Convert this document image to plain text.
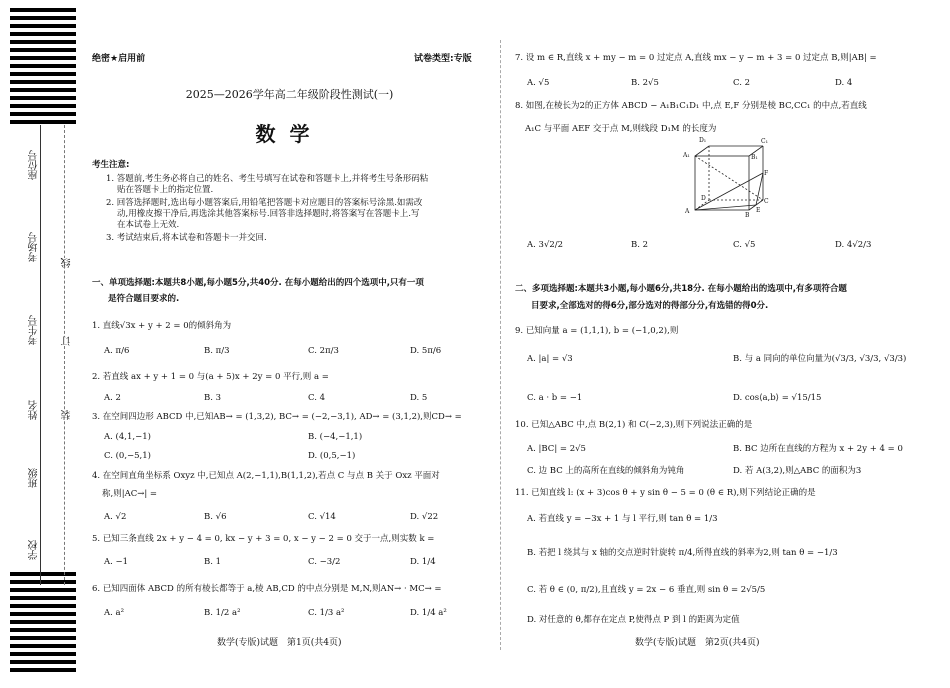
座位号
考场号
考生号
姓名
班级
学校
线
订
装
绝密★启用前	试卷类型:专版
2025—2026学年高二年级阶段性测试(一)
数学
考生注意:
1. 答题前,考生务必将自己的姓名、考生号填写在试卷和答题卡上,并将考生号条形码粘
贴在答题卡上的指定位置.
2. 回答选择题时,选出每小题答案后,用铅笔把答题卡对应题目的答案标号涂黑.如需改
动,用橡皮擦干净后,再选涂其他答案标号.回答非选择题时,将答案写在答题卡上.写
在本试卷上无效.
3. 考试结束后,将本试卷和答题卡一并交回.
一、单项选择题:本题共8小题,每小题5分,共40分. 在每小题给出的四个选项中,只有一项
是符合题目要求的.
1. 直线√3x + y + 2 = 0的倾斜角为
A. π/6	B. π/3	C. 2π/3	D. 5π/6
2. 若直线 ax + y + 1 = 0 与(a + 5)x + 2y = 0 平行,则 a =
A. 2	B. 3	C. 4	D. 5
3. 在空间四边形 ABCD 中,已知AB→ = (1,3,2), BC→ = (−2,−3,1), AD→ = (3,1,2),则CD→ =
A. (4,1,−1)	B. (−4,−1,1)
C. (0,−5,1)	D. (0,5,−1)
4. 在空间直角坐标系 Oxyz 中,已知点 A(2,−1,1),B(1,1,2),若点 C 与点 B 关于 Oxz 平面对
称,则|AC→| =
A. √2	B. √6	C. √14	D. √22
5. 已知三条直线 2x + y − 4 = 0, kx − y + 3 = 0, x − y − 2 = 0 交于一点,则实数 k =
A. −1	B. 1	C. −3/2	D. 1/4
6. 已知四面体 ABCD 的所有棱长都等于 a,棱 AB,CD 的中点分别是 M,N,则AN→ · MC→ =
A. a²	B. 1/2 a²	C. 1/3 a²	D. 1/4 a²
数学(专版)试题　第1页(共4页)
7. 设 m ∈ R,直线 x + my − m = 0 过定点 A,直线 mx − y − m + 3 = 0 过定点 B,则|AB| =
A. √5	B. 2√5	C. 2	D. 4
8. 如图,在棱长为2的正方体 ABCD − A₁B₁C₁D₁ 中,点 E,F 分别是棱 BC,CC₁ 的中点,若直线
A₁C 与平面 AEF 交于点 M,则线段 D₁M 的长度为
A₁	B₁
C₁
D₁
A
B
C
D
E
F
A. 3√2/2	B. 2	C. √5	D. 4√2/3
二、多项选择题:本题共3小题,每小题6分,共18分. 在每小题给出的选项中,有多项符合题
目要求,全部选对的得6分,部分选对的得部分分,有选错的得0分.
9. 已知向量 a = (1,1,1), b = (−1,0,2),则
A. |a| = √3	B. 与 a 同向的单位向量为(√3/3, √3/3, √3/3)
C. a · b = −1	D. cos⟨a,b⟩ = √15/15
10. 已知△ABC 中,点 B(2,1) 和 C(−2,3),则下列说法正确的是
A. |BC| = 2√5	B. BC 边所在直线的方程为 x + 2y + 4 = 0
C. 边 BC 上的高所在直线的倾斜角为钝角	D. 若 A(3,2),则△ABC 的面积为3
11. 已知直线 l: (x + 3)cos θ + y sin θ − 5 = 0 (θ ∈ R),则下列结论正确的是
A. 若直线 y = −3x + 1 与 l 平行,则 tan θ = 1/3
B. 若把 l 绕其与 x 轴的交点逆时针旋转 π/4,所得直线的斜率为2,则 tan θ = −1/3
C. 若 θ ∈ (0, π/2),且直线 y = 2x − 6 垂直,则 sin θ = 2√5/5
D. 对任意的 θ,都存在定点 P,使得点 P 到 l 的距离为定值
数学(专版)试题　第2页(共4页)
